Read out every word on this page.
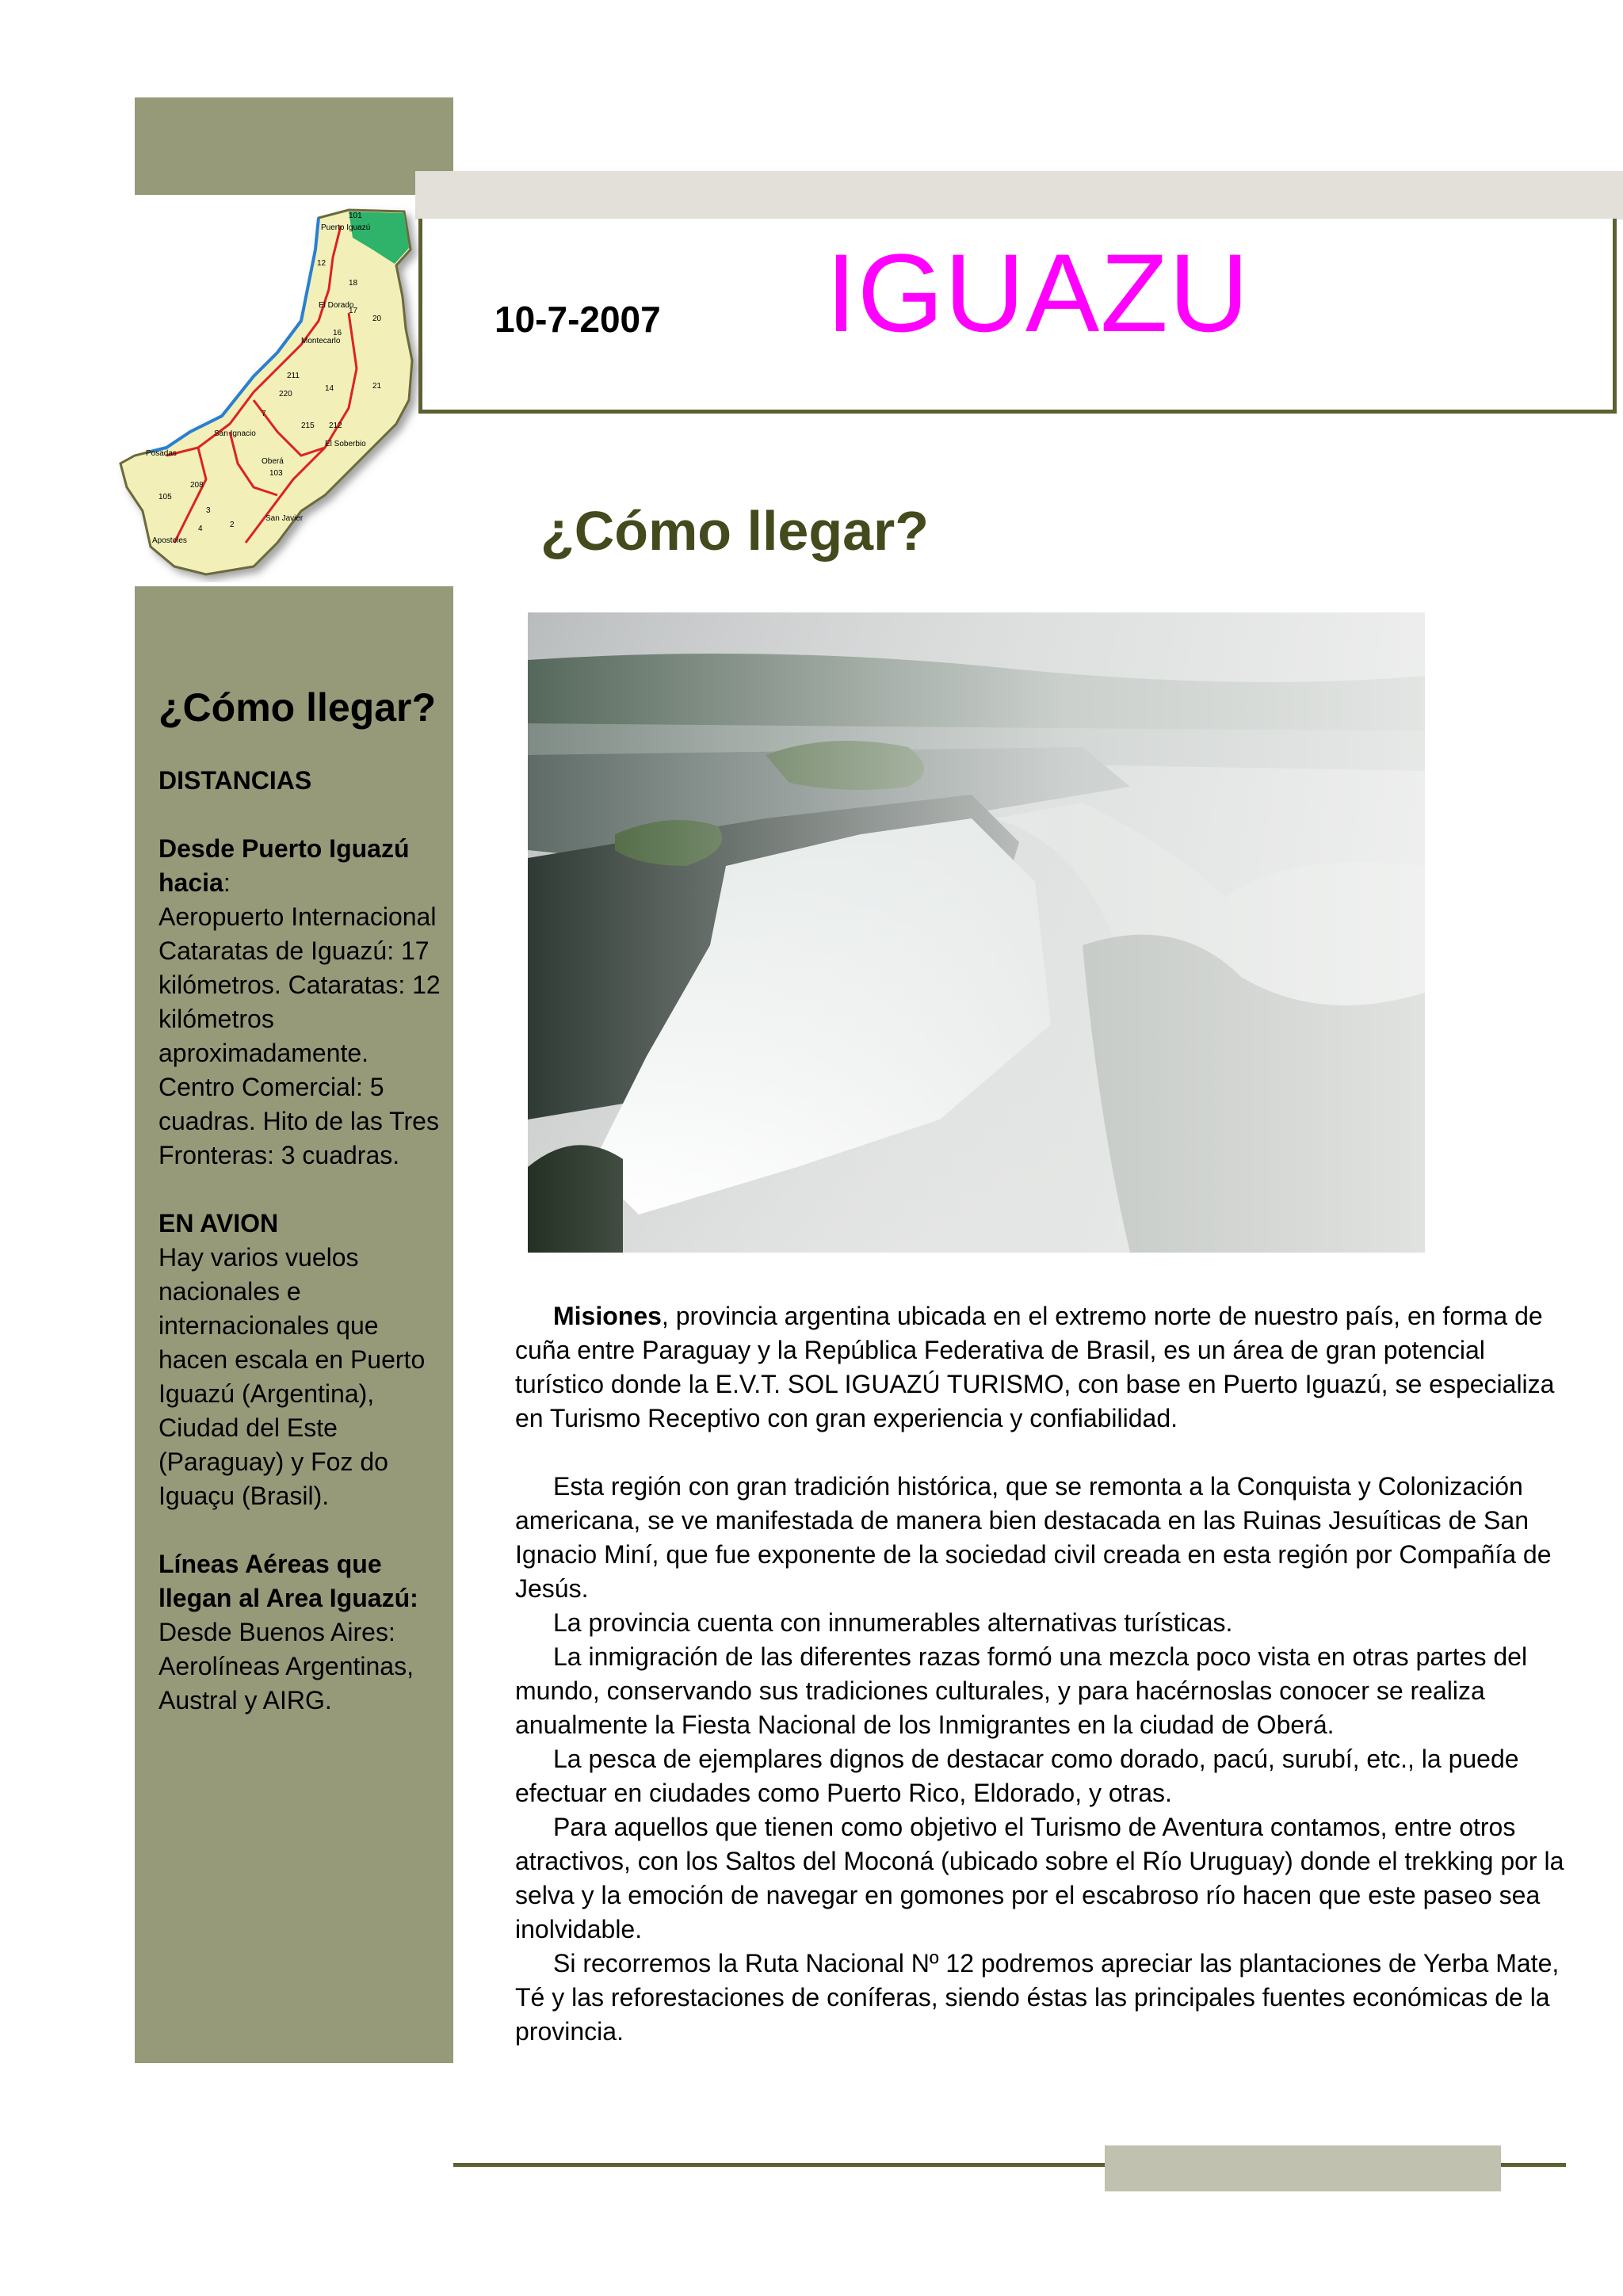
10-7-2007 IGUAZU
101
Puerto Iguazú
12
18
El Dorado
17
20
16
Montecarlo
211
14	21
220
7
215 212
San Ignacio
El Soberbio
Posadas
Oberá
103
208
105
3
San Javier
Apostoles
2
4	¿Cómo llegar?
¿Cómo llegar?

DISTANCIAS

Desde Puerto Iguazú hacia:
Aeropuerto Internacional Cataratas de Iguazú: 17 kilómetros. Cataratas: 12 kilómetros aproximadamente. Centro Comercial: 5 cuadras. Hito de las Tres Fronteras: 3 cuadras.

EN AVION
Hay varios vuelos nacionales e internacionales que hacen escala en Puerto Iguazú (Argentina), Ciudad del Este (Paraguay) y Foz do Iguaçu (Brasil).

Líneas Aéreas que llegan al Area Iguazú:
Desde Buenos Aires: Aerolíneas Argentinas, Austral y AIRG.

Misiones, provincia argentina ubicada en el extremo norte de nuestro país, en forma de cuña entre Paraguay y la República Federativa de Brasil, es un área de gran potencial turístico donde la E.V.T. SOL IGUAZÚ TURISMO, con base en Puerto Iguazú, se especializa en Turismo Receptivo con gran experiencia y confiabilidad.

Esta región con gran tradición histórica, que se remonta a la Conquista y Colonización americana, se ve manifestada de manera bien destacada en las Ruinas Jesuíticas de San Ignacio Miní, que fue exponente de la sociedad civil creada en esta región por Compañía de Jesús.

La provincia cuenta con innumerables alternativas turísticas.

La inmigración de las diferentes razas formó una mezcla poco vista en otras partes del mundo, conservando sus tradiciones culturales, y para hacérnoslas conocer se realiza anualmente la Fiesta Nacional de los Inmigrantes en la ciudad de Oberá.

La pesca de ejemplares dignos de destacar como dorado, pacú, surubí, etc., la puede efectuar en ciudades como Puerto Rico, Eldorado, y otras.

Para aquellos que tienen como objetivo el Turismo de Aventura contamos, entre otros atractivos, con los Saltos del Moconá (ubicado sobre el Río Uruguay) donde el trekking por la selva y la emoción de navegar en gomones por el escabroso río hacen que este paseo sea inolvidable.

Si recorremos la Ruta Nacional Nº 12 podremos apreciar las plantaciones de Yerba Mate, Té y las reforestaciones de coníferas, siendo éstas las principales fuentes económicas de la provincia.
